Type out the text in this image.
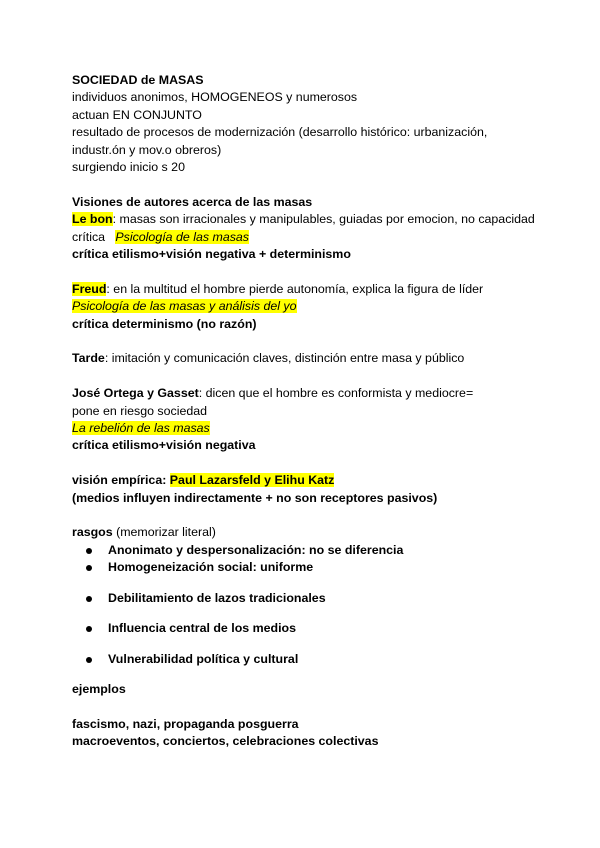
SOCIEDAD de MASAS
individuos anonimos, HOMOGENEOS y numerosos
actuan EN CONJUNTO
resultado de procesos de modernización (desarrollo histórico: urbanización, industr.ón y mov.o obreros)
surgiendo inicio s 20
Visiones de autores acerca de las masas
Le bon: masas son irracionales y manipulables, guiadas por emocion, no capacidad crítica Psicología de las masas
crítica etilismo+visión negativa + determinismo
Freud: en la multitud el hombre pierde autonomía, explica la figura de líder
Psicología de las masas y análisis del yo
crítica determinismo (no razón)
Tarde: imitación y comunicación claves, distinción entre masa y público
José Ortega y Gasset: dicen que el hombre es conformista y mediocre=
pone en riesgo sociedad
La rebelión de las masas
crítica etilismo+visión negativa
visión empírica: Paul Lazarsfeld y Elihu Katz
(medios influyen indirectamente + no son receptores pasivos)
rasgos (memorizar literal)
Anonimato y despersonalización: no se diferencia
Homogeneización social: uniforme
Debilitamiento de lazos tradicionales
Influencia central de los medios
Vulnerabilidad política y cultural
ejemplos
fascismo, nazi, propaganda posguerra
macroeventos, conciertos, celebraciones colectivas
